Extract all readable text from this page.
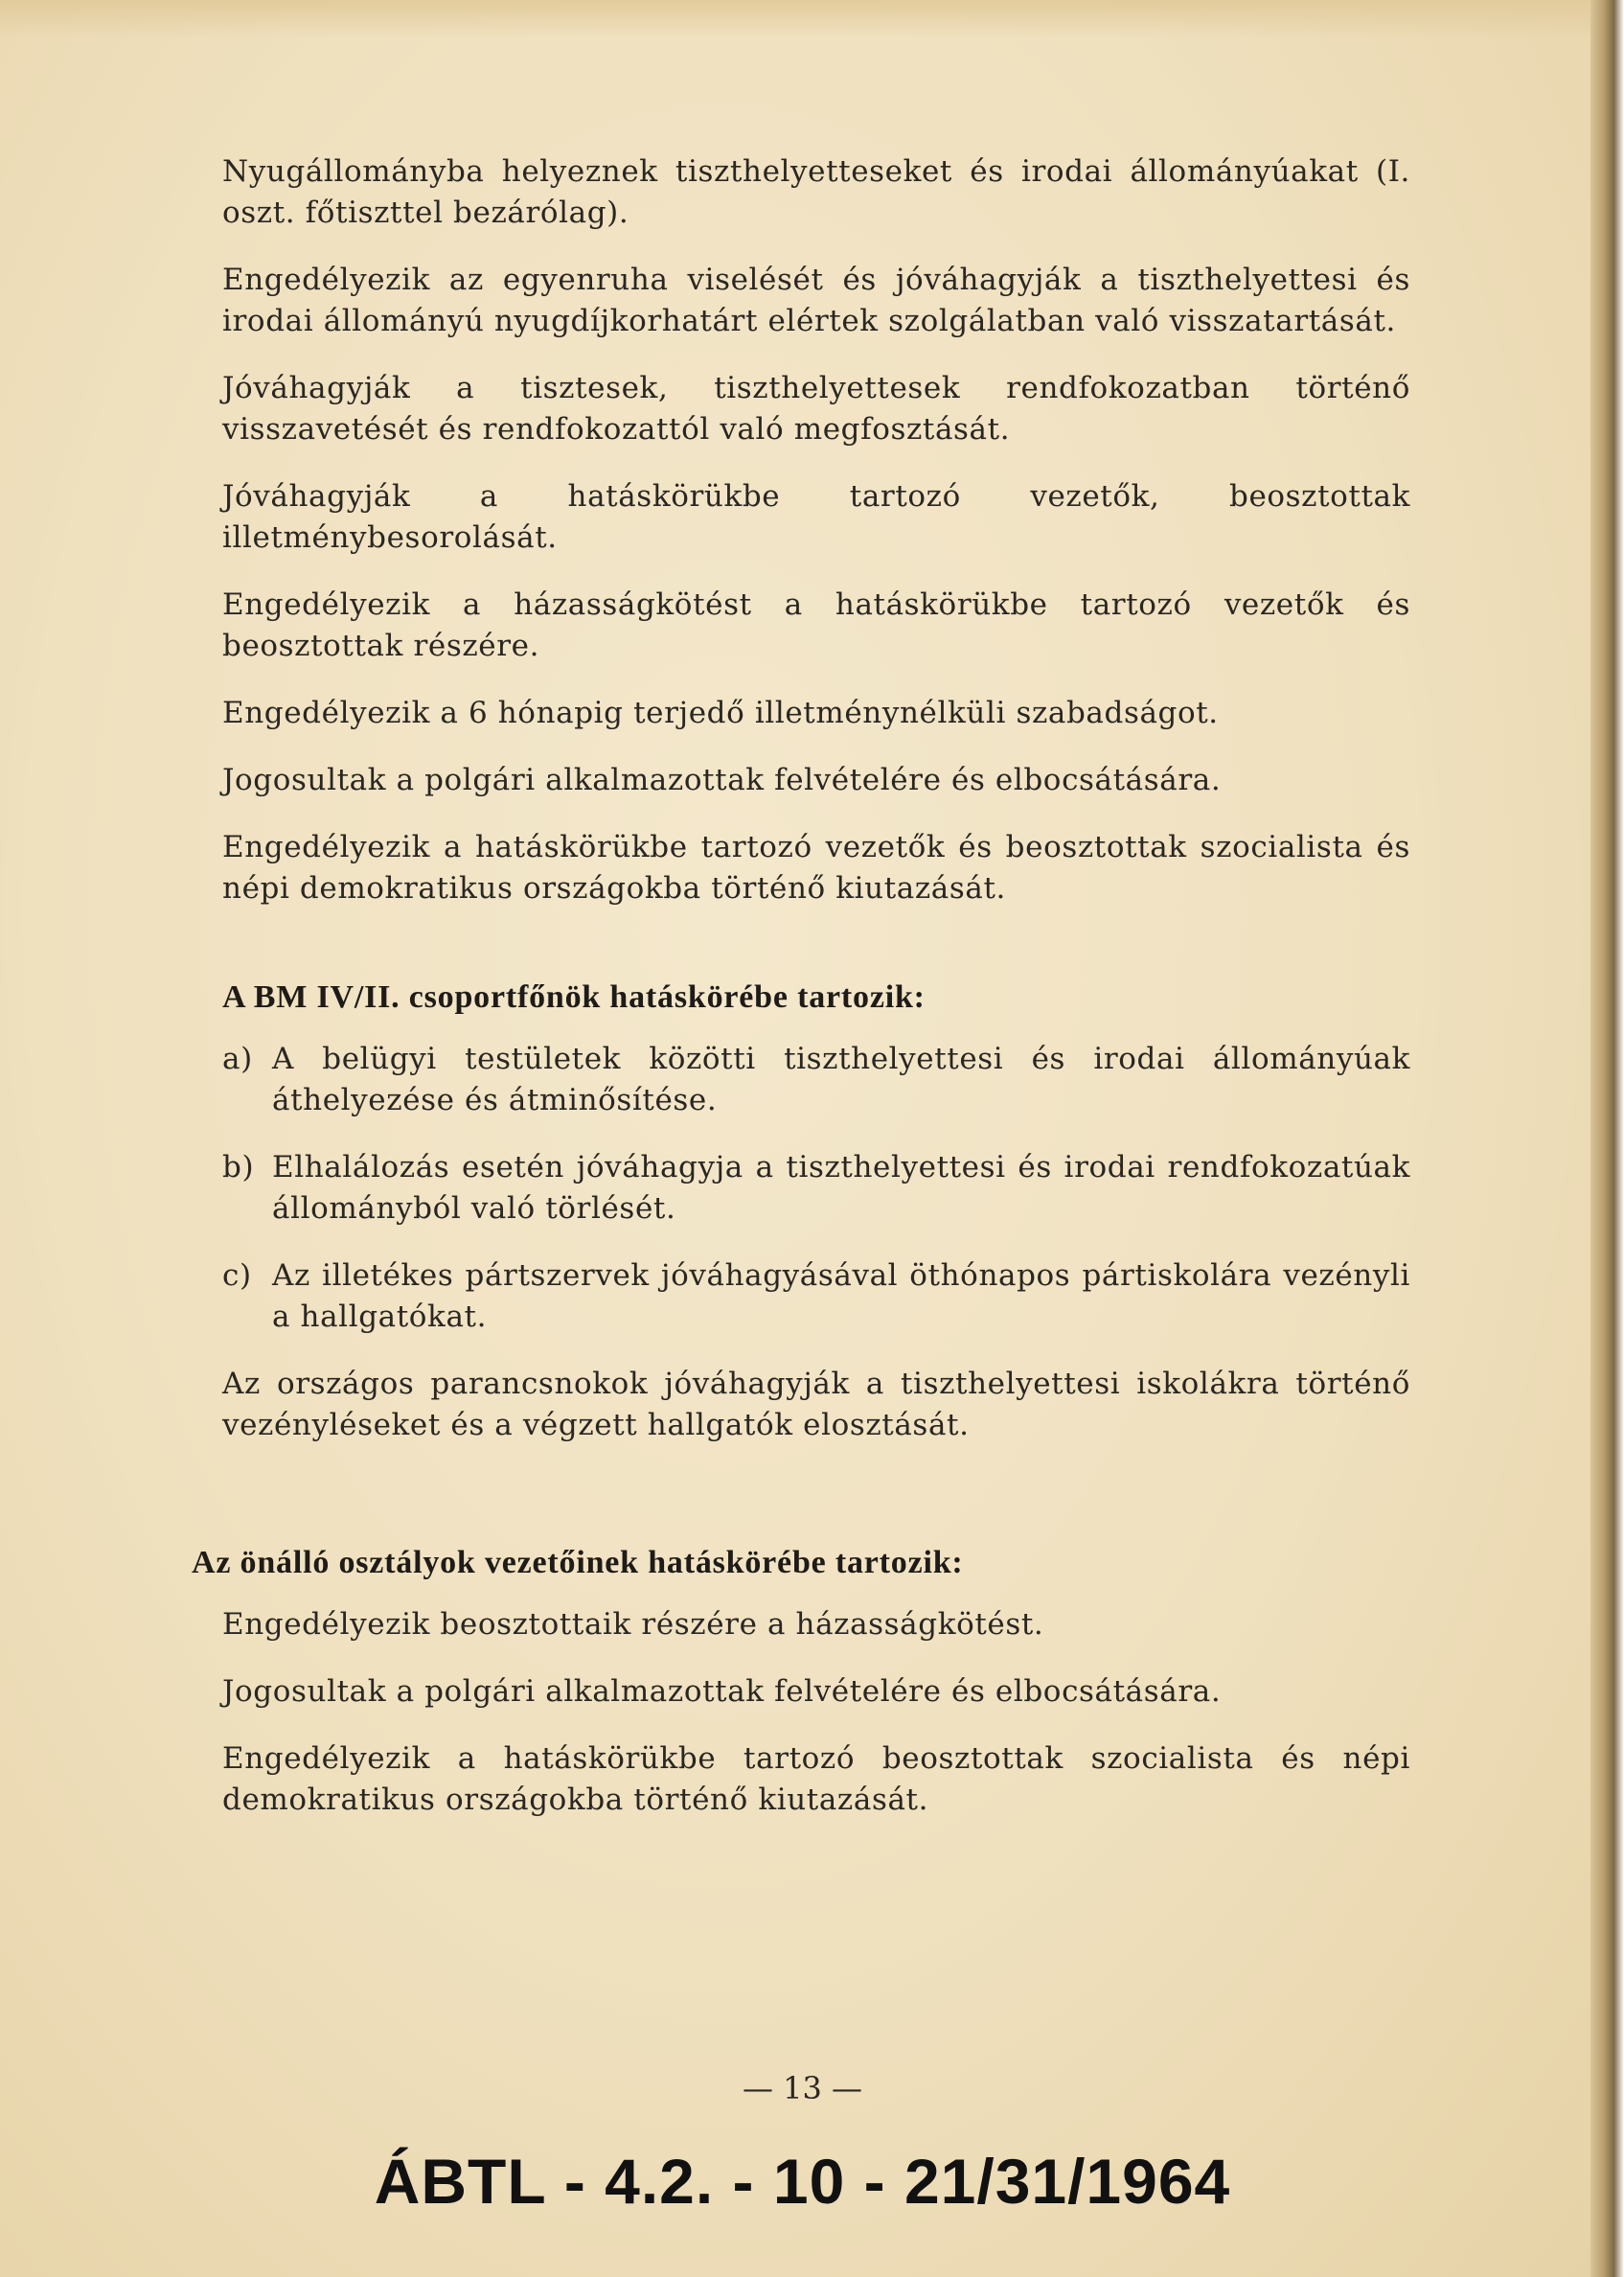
Nyugállományba helyeznek tiszthelyetteseket és irodai állományúakat (I. oszt. főtiszttel bezárólag).

Engedélyezik az egyenruha viselését és jóváhagyják a tiszthelyettesi és irodai állományú nyugdíjkorhatárt elértek szolgálatban való visszatartását.

Jóváhagyják a tisztesek, tiszthelyettesek rendfokozatban történő visszavetését és rendfokozattól való megfosztását.

Jóváhagyják a hatáskörükbe tartozó vezetők, beosztottak illetménybesorolását.

Engedélyezik a házasságkötést a hatáskörükbe tartozó vezetők és beosztottak részére.

Engedélyezik a 6 hónapig terjedő illetménynélküli szabadságot.

Jogosultak a polgári alkalmazottak felvételére és elbocsátására.

Engedélyezik a hatáskörükbe tartozó vezetők és beosztottak szocialista és népi demokratikus országokba történő kiutazását.

A BM IV/II. csoportfőnök hatáskörébe tartozik:
a) A belügyi testületek közötti tiszthelyettesi és irodai állományúak áthelyezése és átminősítése.
b) Elhalálozás esetén jóváhagyja a tiszthelyettesi és irodai rendfokozatúak állományból való törlését.
c) Az illetékes pártszervek jóváhagyásával öthónapos pártiskolára vezényli a hallgatókat.

Az országos parancsnokok jóváhagyják a tiszthelyettesi iskolákra történő vezényléseket és a végzett hallgatók elosztását.

Az önálló osztályok vezetőinek hatáskörébe tartozik:

Engedélyezik beosztottaik részére a házasságkötést.

Jogosultak a polgári alkalmazottak felvételére és elbocsátására.

Engedélyezik a hatáskörükbe tartozó beosztottak szocialista és népi demokratikus országokba történő kiutazását.

— 13 —
ÁBTL - 4.2. - 10 - 21/31/1964
